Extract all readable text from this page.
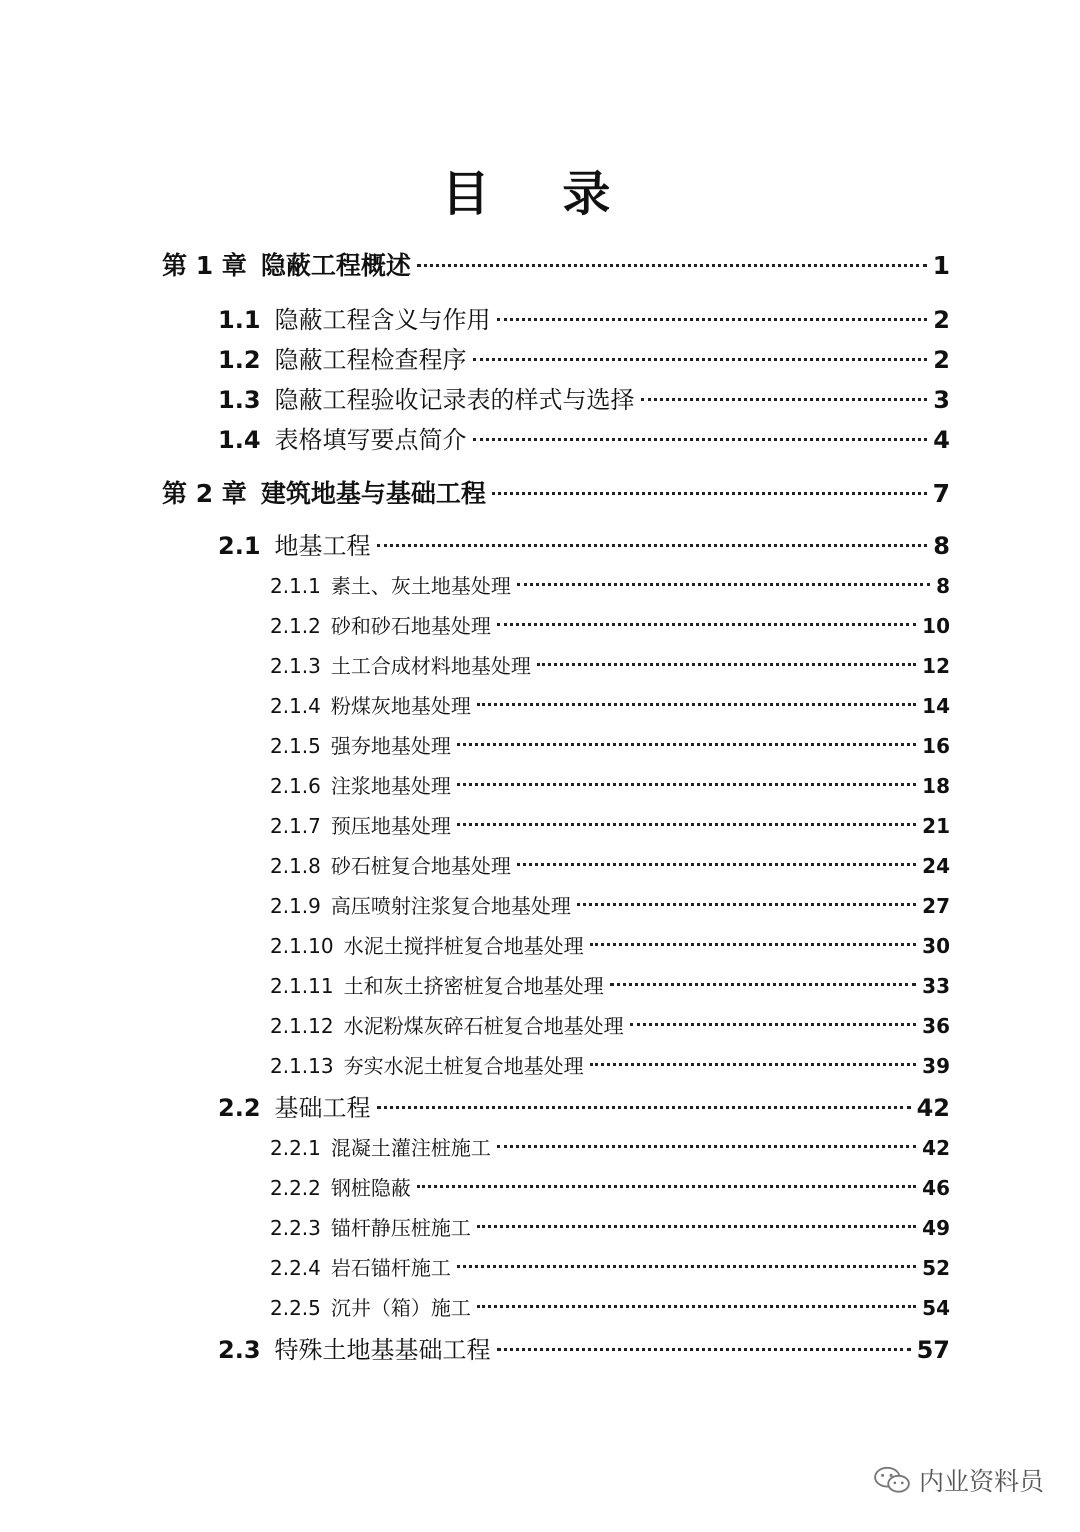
目 录
第 1 章 隐蔽工程概述	1
1.1 隐蔽工程含义与作用	2
1.2 隐蔽工程检查程序	2
1.3 隐蔽工程验收记录表的样式与选择	3
1.4 表格填写要点简介	4
第 2 章 建筑地基与基础工程	7
2.1 地基工程	8
2.1.1 素土、灰土地基处理	8
2.1.2 砂和砂石地基处理	10
2.1.3 土工合成材料地基处理	12
2.1.4 粉煤灰地基处理	14
2.1.5 强夯地基处理	16
2.1.6 注浆地基处理	18
2.1.7 预压地基处理	21
2.1.8 砂石桩复合地基处理	24
2.1.9 高压喷射注浆复合地基处理	27
2.1.10 水泥土搅拌桩复合地基处理	30
2.1.11 土和灰土挤密桩复合地基处理	33
2.1.12 水泥粉煤灰碎石桩复合地基处理	36
2.1.13 夯实水泥土桩复合地基处理	39
2.2 基础工程	42
2.2.1 混凝土灌注桩施工	42
2.2.2 钢桩隐蔽	46
2.2.3 锚杆静压桩施工	49
2.2.4 岩石锚杆施工	52
2.2.5 沉井（箱）施工	54
2.3 特殊土地基基础工程	57
内业资料员
